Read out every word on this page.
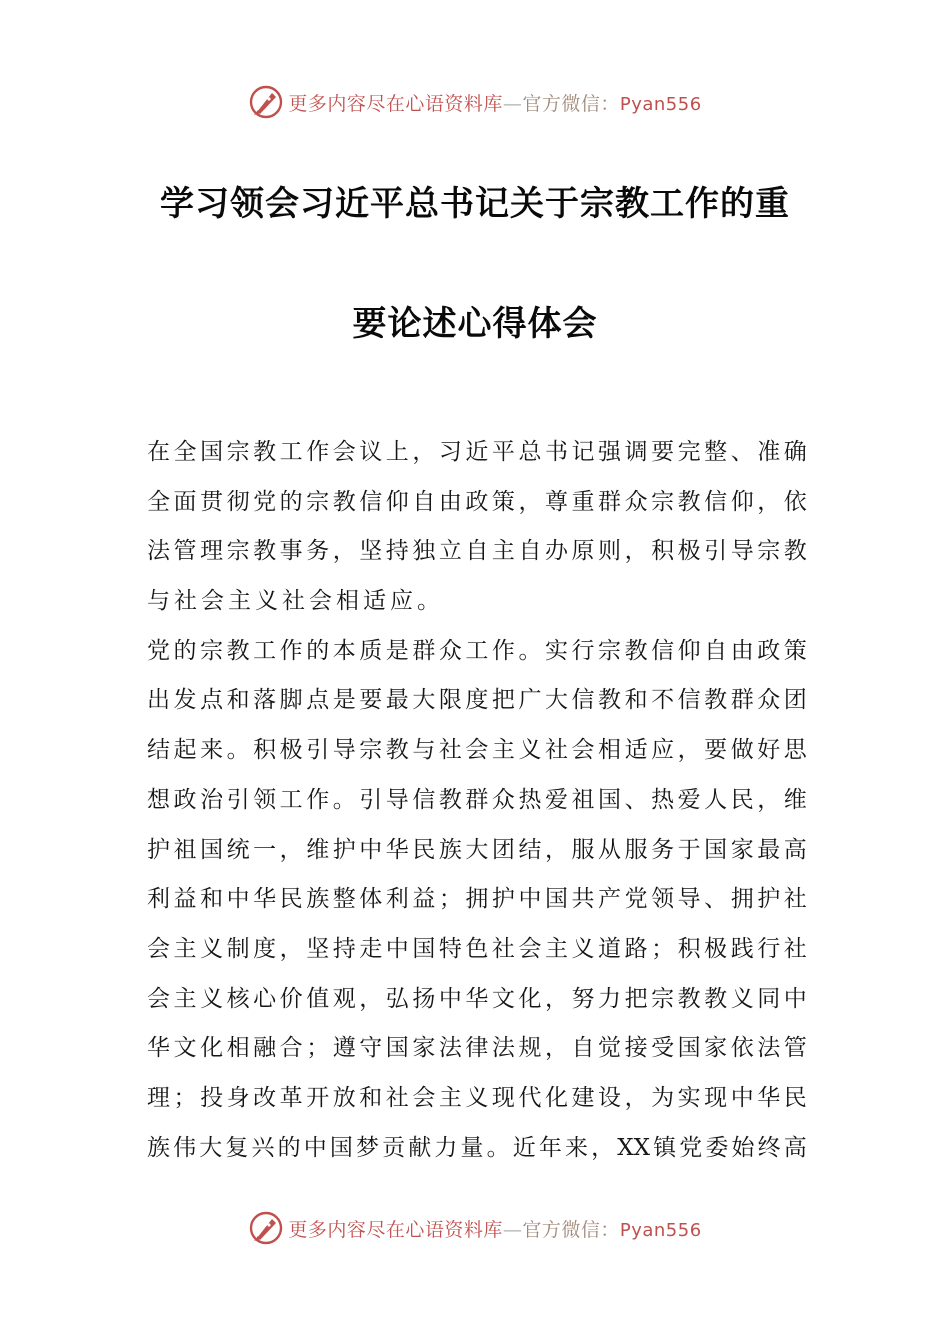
更多内容尽在心语资料库—官方微信：Pyan556
学习领会习近平总书记关于宗教工作的重
要论述心得体会
在 全 国 宗 教 工 作 会 议 上 ， 习 近 平 总 书 记 强 调 要 完 整 、 准 确
全 面 贯 彻 党 的 宗 教 信 仰 自 由 政 策 ， 尊 重 群 众 宗 教 信 仰 ， 依
法 管 理 宗 教 事 务 ， 坚 持 独 立 自 主 自 办 原 则 ， 积 极 引 导 宗 教
与社会主义社会相适应。
党 的 宗 教 工 作 的 本 质 是 群 众 工 作 。 实 行 宗 教 信 仰 自 由 政 策
出 发 点 和 落 脚 点 是 要 最 大 限 度 把 广 大 信 教 和 不 信 教 群 众 团
结 起 来 。 积 极 引 导 宗 教 与 社 会 主 义 社 会 相 适 应 ， 要 做 好 思
想 政 治 引 领 工 作 。 引 导 信 教 群 众 热 爱 祖 国 、 热 爱 人 民 ， 维
护 祖 国 统 一 ， 维 护 中 华 民 族 大 团 结 ， 服 从 服 务 于 国 家 最 高
利 益 和 中 华 民 族 整 体 利 益 ； 拥 护 中 国 共 产 党 领 导 、 拥 护 社
会 主 义 制 度 ， 坚 持 走 中 国 特 色 社 会 主 义 道 路 ； 积 极 践 行 社
会 主 义 核 心 价 值 观 ， 弘 扬 中 华 文 化 ， 努 力 把 宗 教 教 义 同 中
华 文 化 相 融 合 ； 遵 守 国 家 法 律 法 规 ， 自 觉 接 受 国 家 依 法 管
理 ； 投 身 改 革 开 放 和 社 会 主 义 现 代 化 建 设 ， 为 实 现 中 华 民
族 伟 大 复 兴 的 中 国 梦 贡 献 力 量 。 近 年 来 ， XX 镇 党 委 始 终 高
更多内容尽在心语资料库—官方微信：Pyan556
